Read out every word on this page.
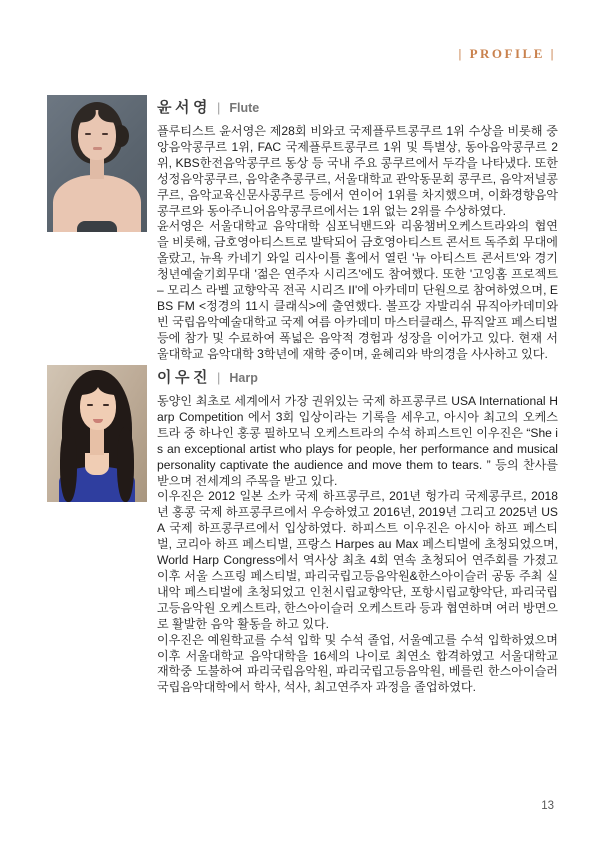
| PROFILE |
윤서영 | Flute

플루티스트 윤서영은 제28회 비와코 국제플루트콩쿠르 1위 수상을 비롯해 중앙음악콩쿠르 1위, FAC 국제플루트콩쿠르 1위 및 특별상, 동아음악콩쿠르 2위, KBS한전음악콩쿠르 동상 등 국내 주요 콩쿠르에서 두각을 나타냈다. 또한 성정음악콩쿠르, 음악춘추콩쿠르, 서울대학교 관악동문회 콩쿠르, 음악저널콩쿠르, 음악교육신문사콩쿠르 등에서 연이어 1위를 차지했으며, 이화경향음악콩쿠르와 동아주니어음악콩쿠르에서는 1위 없는 2위를 수상하였다.

윤서영은 서울대학교 음악대학 심포닉밴드와 리움챔버오케스트라와의 협연을 비롯해, 금호영아티스트로 발탁되어 금호영아티스트 콘서트 독주회 무대에 올랐고, 뉴욕 카네기 와일 리사이틀 홀에서 열린 '뉴 아티스트 콘서트'와 경기청년예술기회무대 '젊은 연주자 시리즈'에도 참여했다. 또한 '고잉홈 프로젝트 – 모리스 라벨 교향악곡 전곡 시리즈 II'에 아카데미 단원으로 참여하였으며, EBS FM <정경의 11시 클래식>에 출연했다. 볼프강 자발리쉬 뮤직아카데미와 빈 국립음악예술대학교 국제 여름 아카데미 마스터클래스, 뮤직알프 페스티벌 등에 참가 및 수료하여 폭넓은 음악적 경험과 성장을 이어가고 있다. 현재 서울대학교 음악대학 3학년에 재학 중이며, 윤혜리와 박의경을 사사하고 있다.

이우진 | Harp

동양인 최초로 세계에서 가장 권위있는 국제 하프콩쿠르 USA International Harp Competition 에서 3회 입상이라는 기록을 세우고, 아시아 최고의 오케스트라 중 하나인 홍콩 필하모닉 오케스트라의 수석 하피스트인 이우진은 “She is an exceptional artist who plays for people, her performance and musical personality captivate the audience and move them to tears. ” 등의 찬사를 받으며 전세계의 주목을 받고 있다.

이우진은 2012 일본 소카 국제 하프콩쿠르, 201년 헝가리 국제콩쿠르, 2018년 홍콩 국제 하프콩쿠르에서 우승하였고 2016년, 2019년 그리고 2025년 USA 국제 하프콩쿠르에서 입상하였다. 하피스트 이우진은 아시아 하프 페스티벌, 코리아 하프 페스티벌, 프랑스 Harpes au Max 페스티벌에 초청되었으며, World Harp Congress에서 역사상 최초 4회 연속 초청되어 연주회를 가졌고 이후 서울 스프링 페스티벌, 파리국립고등음악원&한스아이슬러 공동 주최 실내악 페스티벌에 초청되었고 인천시립교향악단, 포항시립교향악단, 파리국립고등음악원 오케스트라, 한스아이슬러 오케스트라 등과 협연하며 여러 방면으로 활발한 음악 활동을 하고 있다.

이우진은 예원학교를 수석 입학 및 수석 졸업, 서울예고를 수석 입학하였으며 이후 서울대학교 음악대학을 16세의 나이로 최연소 합격하였고 서울대학교 재학중 도불하여 파리국립음악원, 파리국립고등음악원, 베를린 한스아이슬러 국립음악대학에서 학사, 석사, 최고연주자 과정을 졸업하였다.

13
